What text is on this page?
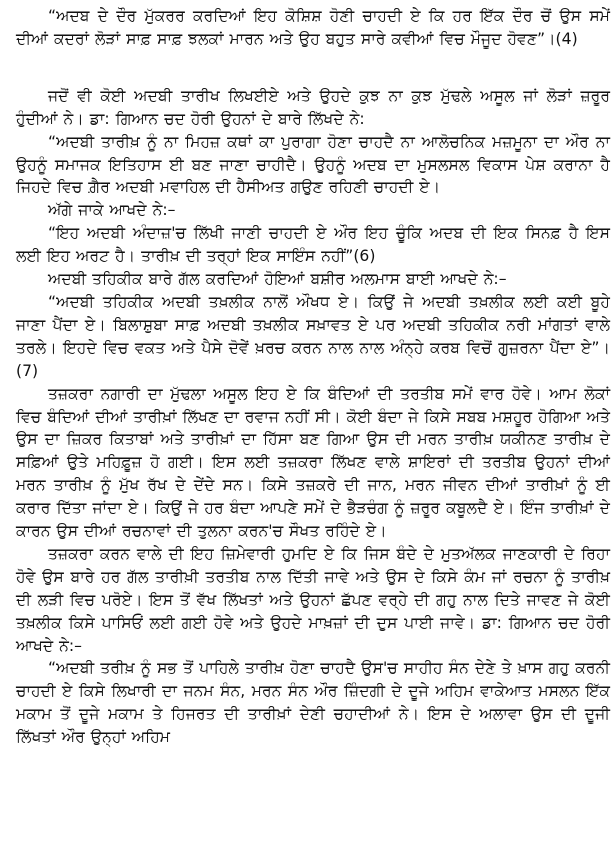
“ਅਦਬ ਦੇ ਦੌਰ ਮੁੱਕਰਰ ਕਰਦਿਆਂ ਇਹ ਕੋਸ਼ਿਸ਼ ਹੋਣੀ ਚਾਹਦੀ ਏ ਕਿ ਹਰ ਇੱਕ ਦੌਰ ਚੋਂ ਉਸ ਸਮੇਂ ਦੀਆਂ ਕਦਰਾਂ ਲੋੜਾਂ ਸਾਫ਼ ਸਾਫ਼ ਝਲਕਾਂ ਮਾਰਨ ਅਤੇ ਉਹ ਬਹੁਤ ਸਾਰੇ ਕਵੀਆਂ ਵਿਚ ਮੌਜੂਦ ਹੋਵਣ”।(4)

ਜਦੋਂ ਵੀ ਕੋਈ ਅਦਬੀ ਤਾਰੀਖ ਲਿਖਈਏ ਅਤੇ ਉਹਦੇ ਕੁਝ ਨਾ ਕੁਝ ਮੁੱਢਲੇ ਅਸੂਲ ਜਾਂ ਲੋੜਾਂ ਜ਼ਰੂਰ ਹੁੰਦੀਆਂ ਨੇ। ਡਾ: ਗਿਆਨ ਚਦ ਹੋਰੀ ਉਹਨਾਂ ਦੇ ਬਾਰੇ ਲਿੱਖਦੇ ਨੇ:

“ਅਦਬੀ ਤਾਰੀਖ਼ ਨੂੰ ਨਾ ਮਿਹਜ਼ ਕਥਾਂ ਕਾ ਪੁਰਾਗਾ ਹੋਣਾ ਚਾਹਦੈ ਨਾ ਆਲੋਚਨਿਕ ਮਜ਼ਮੂਨਾ ਦਾ ਔਰ ਨਾ ਉਹਨੂੰ ਸਮਾਜਕ ਇਤਿਹਾਸ ਈ ਬਣ ਜਾਣਾ ਚਾਹੀਦੈ। ਉਹਨੂੰ ਅਦਬ ਦਾ ਮੁਸਲਸਲ ਵਿਕਾਸ ਪੇਸ਼ ਕਰਾਨਾ ਹੈ ਜਿਹਦੇ ਵਿਚ ਗ਼ੈਰ ਅਦਬੀ ਮਵਾਹਿਲ ਦੀ ਹੈਸੀਅਤ ਗਉਣ ਰਹਿਣੀ ਚਾਹਦੀ ਏ।

ਅੱਗੇ ਜਾਕੇ ਆਖਦੇ ਨੇ:–

“ਇਹ ਅਦਬੀ ਅੰਦਾਜ਼'ਚ ਲਿੱਖੀ ਜਾਣੀ ਚਾਹਦੀ ਏ ਔਰ ਇਹ ਚੂੰਕਿ ਅਦਬ ਦੀ ਇਕ ਸਿਨਫ਼ ਹੈ ਇਸ ਲਈ ਇਹ ਅਰਟ ਹੈ। ਤਾਰੀਖ਼ ਦੀ ਤਰ੍ਹਾਂ ਇਕ ਸਾਇੰਸ ਨਹੀਂ”(6)

ਅਦਬੀ ਤਹਿਕੀਕ ਬਾਰੇ ਗੱਲ ਕਰਦਿਆਂ ਹੋਇਆਂ ਬਸ਼ੀਰ ਅਲਮਾਸ ਬਾਈ ਆਖਦੇ ਨੇ:–

“ਅਦਬੀ ਤਹਿਕੀਕ ਅਦਬੀ ਤਖ਼ਲੀਕ ਨਾਲੋਂ ਔਖਧ ਏ। ਕਿਉਂ ਜੇ ਅਦਬੀ ਤਖ਼ਲੀਕ ਲਈ ਕਈ ਬੂਹੇ ਜਾਣਾ ਪੈਂਦਾ ਏ। ਬਿਲਾਸ਼ੁਬਾ ਸਾਫ਼ ਅਦਬੀ ਤਖ਼ਲੀਕ ਸਖ਼ਾਵਤ ਏ ਪਰ ਅਦਬੀ ਤਹਿਕੀਕ ਨਰੀ ਮਾਂਗਤਾਂ ਵਾਲੇ ਤਰਲੇ। ਇਹਦੇ ਵਿਚ ਵਕਤ ਅਤੇ ਪੈਸੇ ਦੋਵੇਂ ਖ਼ਰਚ ਕਰਨ ਨਾਲ ਨਾਲ ਅੰਨ੍ਹੇ ਕਰਬ ਵਿਚੋਂ ਗੁਜ਼ਰਨਾ ਪੈਂਦਾ ਏ”।(7)

ਤਜ਼ਕਰਾ ਨਗਾਰੀ ਦਾ ਮੁੱਢਲਾ ਅਸੂਲ ਇਹ ਏ ਕਿ ਬੰਦਿਆਂ ਦੀ ਤਰਤੀਬ ਸਮੇਂ ਵਾਰ ਹੋਵੇ। ਆਮ ਲੋਕਾਂ ਵਿਚ ਬੰਦਿਆਂ ਦੀਆਂ ਤਾਰੀਖ਼ਾਂ ਲਿੱਖਣ ਦਾ ਰਵਾਜ ਨਹੀਂ ਸੀ। ਕੋਈ ਬੰਦਾ ਜੇ ਕਿਸੇ ਸਬਬ ਮਸ਼ਹੂਰ ਹੋਗਿਆ ਅਤੇ ਉਸ ਦਾ ਜ਼ਿਕਰ ਕਿਤਾਬਾਂ ਅਤੇ ਤਾਰੀਖ਼ਾਂ ਦਾ ਹਿੱਸਾ ਬਣ ਗਿਆ ਉਸ ਦੀ ਮਰਨ ਤਾਰੀਖ਼ ਯਕੀਨਣ ਤਾਰੀਖ਼ ਦੇ ਸਫ਼ਿਆਂ ਉਤੇ ਮਹਿਫ਼ੂਜ਼ ਹੋ ਗਈ। ਇਸ ਲਈ ਤਜ਼ਕਰਾ ਲਿੱਖਣ ਵਾਲੇ ਸ਼ਾਇਰਾਂ ਦੀ ਤਰਤੀਬ ਉਹਨਾਂ ਦੀਆਂ ਮਰਨ ਤਾਰੀਖ਼ ਨੂੰ ਮੁੱਖ ਰੱਖ ਦੇ ਦੇਂਦੇ ਸਨ। ਕਿਸੇ ਤਜ਼ਕਰੇ ਦੀ ਜਾਨ, ਮਰਨ ਜੀਵਨ ਦੀਆਂ ਤਾਰੀਖ਼ਾਂ ਨੂੰ ਈ ਕਰਾਰ ਦਿੱਤਾ ਜਾਂਦਾ ਏ। ਕਿਉਂ ਜੇ ਹਰ ਬੰਦਾ ਆਪਣੇ ਸਮੇਂ ਦੇ ਭੈੜਚੰਗ ਨੂੰ ਜ਼ਰੂਰ ਕਬੂਲਦੈ ਏ। ਇੰਜ ਤਾਰੀਖ਼ਾਂ ਦੇ ਕਾਰਨ ਉਸ ਦੀਆਂ ਰਚਨਾਵਾਂ ਦੀ ਤੁਲਨਾ ਕਰਨ'ਚ ਸੌਖਤ ਰਹਿੰਦੇ ਏ।

ਤਜ਼ਕਰਾ ਕਰਨ ਵਾਲੇ ਦੀ ਇਹ ਜ਼ਿਮੇਵਾਰੀ ਹੁਮਦਿ ਏ ਕਿ ਜਿਸ ਬੰਦੇ ਦੇ ਮੁਤਅੱਲਕ ਜਾਣਕਾਰੀ ਦੇ ਰਿਹਾ ਹੋਵੇ ਉਸ ਬਾਰੇ ਹਰ ਗੱਲ ਤਾਰੀਖ਼ੀ ਤਰਤੀਬ ਨਾਲ ਦਿੱਤੀ ਜਾਵੇ ਅਤੇ ਉਸ ਦੇ ਕਿਸੇ ਕੰਮ ਜਾਂ ਰਚਨਾ ਨੂੰ ਤਾਰੀਖ਼ ਦੀ ਲੜੀ ਵਿਚ ਪਰੋਏ। ਇਸ ਤੋਂ ਵੱਖ ਲਿੱਖਤਾਂ ਅਤੇ ਉਹਨਾਂ ਛੱਪਣ ਵਰ੍ਹੇ ਦੀ ਗਹੁ ਨਾਲ ਦਿਤੇ ਜਾਵਣ ਜੇ ਕੋਈ ਤਖ਼ਲੀਕ ਕਿਸੇ ਪਾਸਿਓਂ ਲਈ ਗਈ ਹੋਵੇ ਅਤੇ ਉਹਦੇ ਮਾਖ਼ਜ਼ਾਂ ਦੀ ਦੁਸ ਪਾਈ ਜਾਵੇ। ਡਾ: ਗਿਆਨ ਚਦ ਹੋਰੀ ਆਖਦੇ ਨੇ:–

“ਅਦਬੀ ਤਰੀਖ਼ ਨੂੰ ਸਭ ਤੋਂ ਪਾਹਿਲੇ ਤਾਰੀਖ਼ ਹੋਣਾ ਚਾਹਦੈ ਉਸ'ਚ ਸਾਹੀਹ ਸੰਨ ਦੇਣੇ ਤੇ ਖ਼ਾਸ ਗਹੁ ਕਰਨੀ ਚਾਹਦੀ ਏ ਕਿਸੇ ਲਿਖਾਰੀ ਦਾ ਜਨਮ ਸੰਨ, ਮਰਨ ਸੰਨ ਔਰ ਜ਼ਿੰਦਗੀ ਦੇ ਦੂਜੇ ਅਹਿਮ ਵਾਕੇਆਤ ਮਸਲਨ ਇੱਕ ਮਕਾਮ ਤੋਂ ਦੂਜੇ ਮਕਾਮ ਤੇ ਹਿਜਰਤ ਦੀ ਤਾਰੀਖ਼ਾਂ ਦੇਣੀ ਚਹਾਦੀਆਂ ਨੇ। ਇਸ ਦੇ ਅਲਾਵਾ ਉਸ ਦੀ ਦੂਜੀ ਲਿੱਖਤਾਂ ਔਰ ਉਨ੍ਹਾਂ ਅਹਿਮ
